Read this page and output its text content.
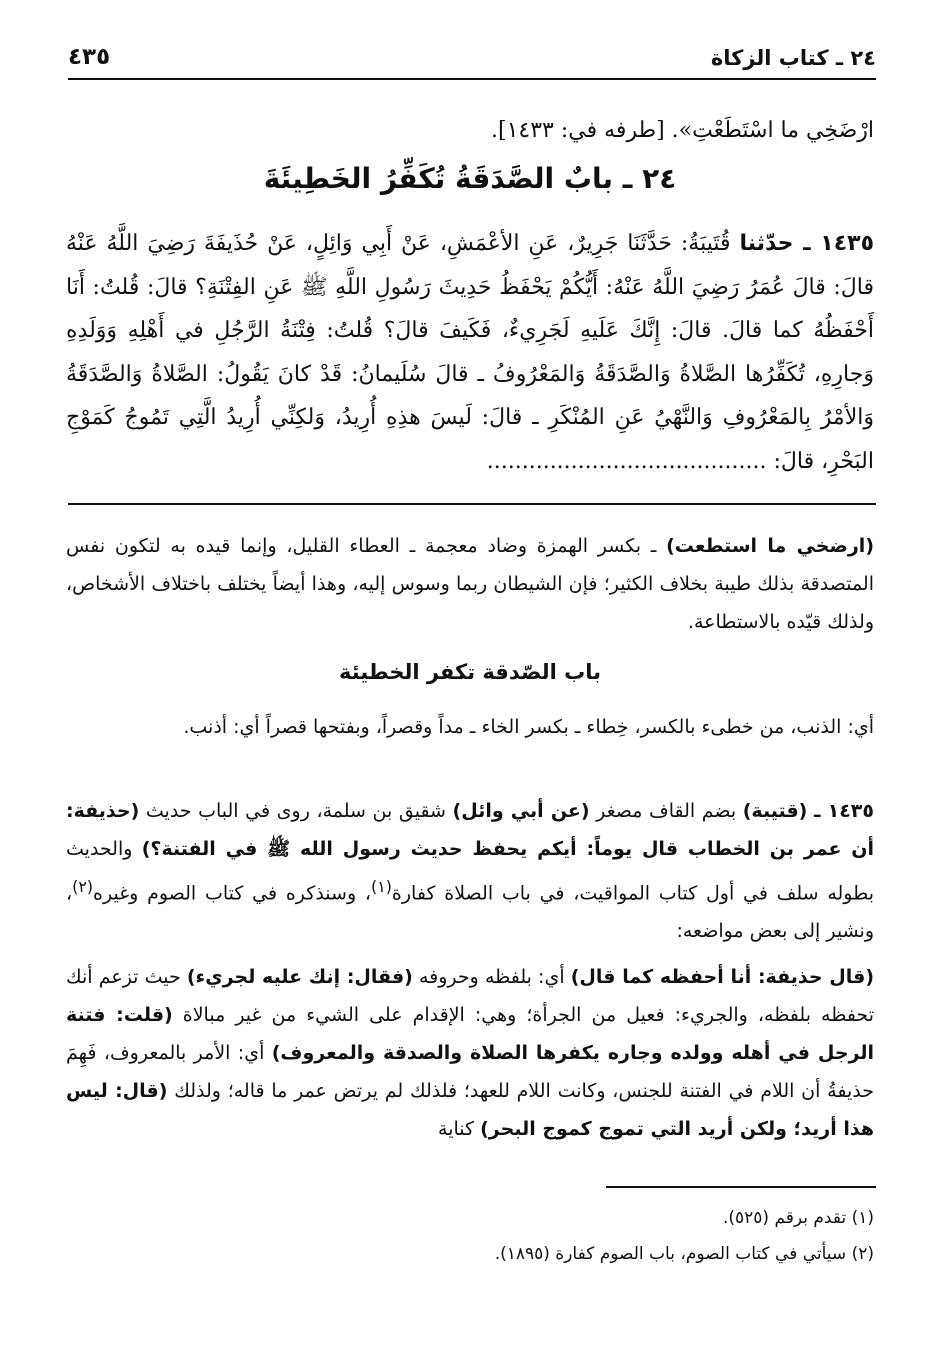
٢٤ ـ كتاب الزكاة
٤٣٥

ارْضَخِي ما اسْتَطَعْتِ». [طرفه في: ١٤٣٣].

٢٤ ـ بابٌ الصَّدَقَةُ تُكَفِّرُ الخَطِيئَةَ

١٤٣٥ ـ حدّثنا قُتَيبَةُ: حَدَّثَنَا جَرِيرٌ، عَنِ الأعْمَشِ، عَنْ أَبِي وَائِلٍ، عَنْ حُذَيفَةَ رَضِيَ اللَّهُ عَنْهُ قالَ: قالَ عُمَرُ رَضِيَ اللَّهُ عَنْهُ: أَيُّكُمْ يَحْفَظُ حَدِيثَ رَسُولِ اللَّهِ ﷺ عَنِ الفِتْنَةِ؟ قالَ: قُلتُ: أَنَا أَحْفَظُهُ كما قالَ. قالَ: إِنَّكَ عَلَيهِ لَجَرِيءٌ، فَكَيفَ قالَ؟ قُلتُ: فِتْنَةُ الرَّجُلِ في أَهْلِهِ وَوَلَدِهِ وَجارِهِ، تُكَفِّرُها الصَّلاةُ وَالصَّدَقَةُ وَالمَعْرُوفُ ـ قالَ سُلَيمانُ: قَدْ كانَ يَقُولُ: الصَّلاةُ وَالصَّدَقَةُ وَالأمْرُ بِالمَعْرُوفِ وَالنَّهْيُ عَنِ المُنْكَرِ ـ قالَ: لَيسَ هذِهِ أُرِيدُ، وَلكِنِّي أُرِيدُ الَّتِي تَمُوجُ كَمَوْجِ البَحْرِ، قالَ: ........................................

(ارضخي ما استطعت) ـ بكسر الهمزة وضاد معجمة ـ العطاء القليل، وإنما قيده به لتكون نفس المتصدقة بذلك طيبة بخلاف الكثير؛ فإن الشيطان ربما وسوس إليه، وهذا أيضاً يختلف باختلاف الأشخاص، ولذلك قيّده بالاستطاعة.

باب الصّدقة تكفر الخطيئة

أي: الذنب، من خطىء بالكسر، خِطاء ـ بكسر الخاء ـ مداً وقصراً، وبفتحها قصراً أي: أذنب.

١٤٣٥ ـ (قتيبة) بضم القاف مصغر (عن أبي وائل) شقيق بن سلمة، روى في الباب حديث (حذيفة: أن عمر بن الخطاب قال يوماً: أيكم يحفظ حديث رسول الله ﷺ في الفتنة؟) والحديث بطوله سلف في أول كتاب المواقيت، في باب الصلاة كفارة$^{(١)}$، وسنذكره في كتاب الصوم وغيره$^{(٢)}$، ونشير إلى بعض مواضعه:

(قال حذيفة: أنا أحفظه كما قال) أي: بلفظه وحروفه (فقال: إنك عليه لجريء) حيث تزعم أنك تحفظه بلفظه، والجريء: فعيل من الجرأة؛ وهي: الإقدام على الشيء من غير مبالاة (قلت: فتنة الرجل في أهله وولده وجاره يكفرها الصلاة والصدقة والمعروف) أي: الأمر بالمعروف، فَهِمَ حذيفةُ أن اللام في الفتنة للجنس، وكانت اللام للعهد؛ فلذلك لم يرتض عمر ما قاله؛ ولذلك (قال: ليس هذا أريد؛ ولكن أريد التي تموج كموج البحر) كناية

(١) تقدم برقم (٥٢٥).
(٢) سيأتي في كتاب الصوم، باب الصوم كفارة (١٨٩٥).
